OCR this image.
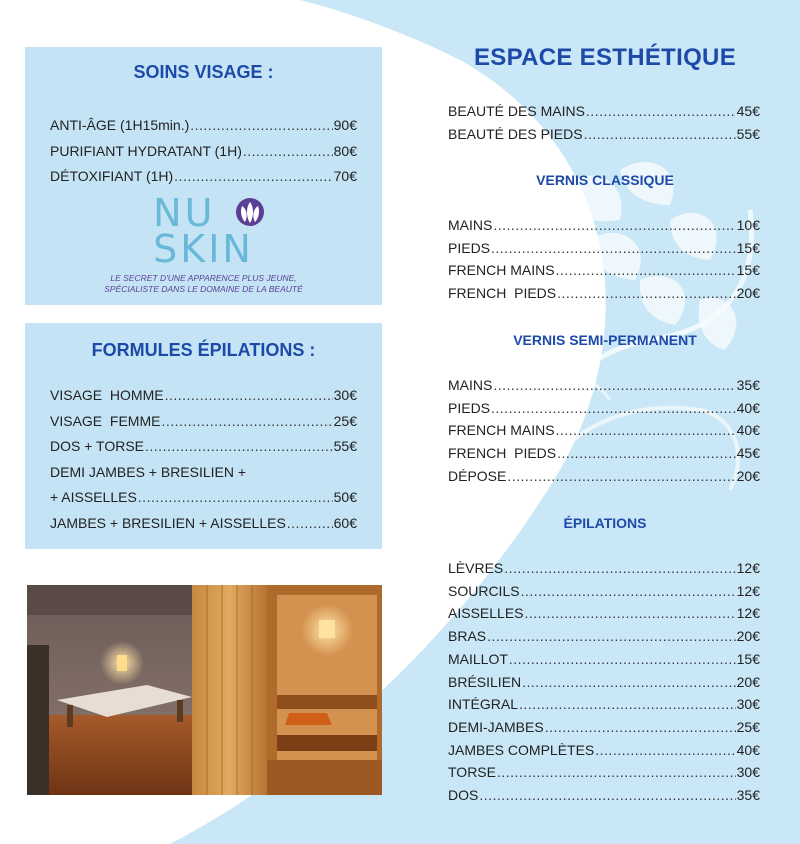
SOINS VISAGE :
ANTI-ÂGE (1H15min.) .....	90€
PURIFIANT HYDRATANT (1H) .....	80€
DÉTOXIFIANT (1H) .....	70€
NU
SKIN
LE SECRET D'UNE APPARENCE PLUS JEUNE,
SPÉCIALISTE DANS LE DOMAINE DE LA BEAUTÉ
FORMULES ÉPILATIONS :
VISAGE  HOMME .....	30€
VISAGE  FEMME .....	25€
DOS + TORSE .....	55€
DEMI JAMBES + BRESILIEN +
+ AISSELLES .....	50€
JAMBES + BRESILIEN + AISSELLES .....	60€
ESPACE ESTHÉTIQUE
BEAUTÉ DES MAINS .....	45€
BEAUTÉ DES PIEDS .....	55€
VERNIS CLASSIQUE
MAINS .....	10€
PIEDS .....	15€
FRENCH MAINS .....	15€
FRENCH  PIEDS .....	20€
VERNIS SEMI-PERMANENT
MAINS .....	35€
PIEDS .....	40€
FRENCH MAINS .....	40€
FRENCH  PIEDS .....	45€
DÉPOSE .....	20€
ÉPILATIONS
LÈVRES .....	12€
SOURCILS .....	12€
AISSELLES .....	12€
BRAS .....	20€
MAILLOT .....	15€
BRÉSILIEN .....	20€
INTÉGRAL .....	30€
DEMI-JAMBES .....	25€
JAMBES COMPLÈTES .....	40€
TORSE .....	30€
DOS .....	35€
